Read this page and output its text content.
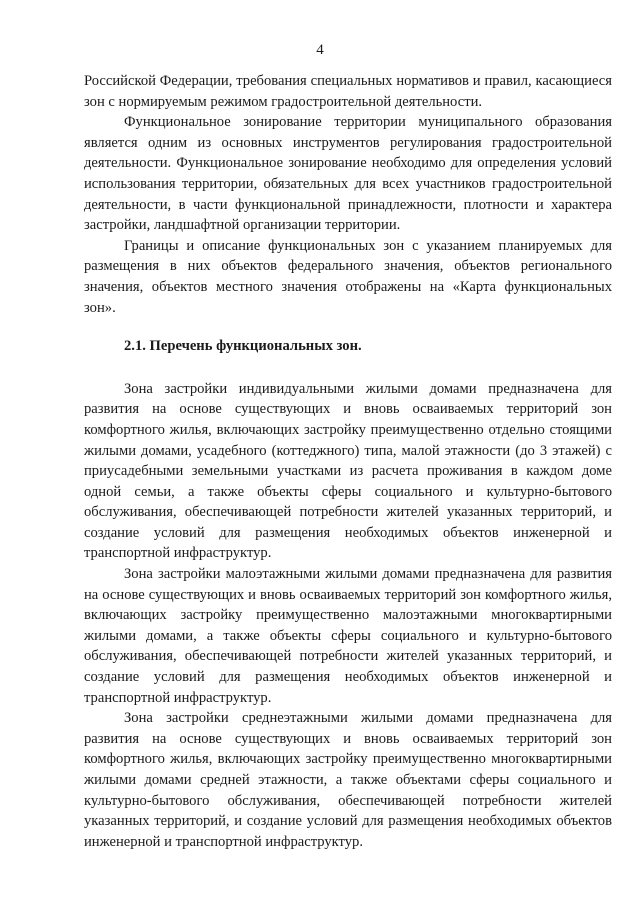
4

Российской Федерации, требования специальных нормативов и правил, касающиеся зон с нормируемым режимом градостроительной деятельности.

Функциональное зонирование территории муниципального образования является одним из основных инструментов регулирования градостроительной деятельности. Функциональное зонирование необходимо для определения условий использования территории, обязательных для всех участников градостроительной деятельности, в части функциональной принадлежности, плотности и характера застройки, ландшафтной организации территории.

Границы и описание функциональных зон с указанием планируемых для размещения в них объектов федерального значения, объектов регионального значения, объектов местного значения отображены на «Карта функциональных зон».

2.1. Перечень функциональных зон.

Зона застройки индивидуальными жилыми домами предназначена для развития на основе существующих и вновь осваиваемых территорий зон комфортного жилья, включающих застройку преимущественно отдельно стоящими жилыми домами, усадебного (коттеджного) типа, малой этажности (до 3 этажей) с приусадебными земельными участками из расчета проживания в каждом доме одной семьи, а также объекты сферы социального и культурно-бытового обслуживания, обеспечивающей потребности жителей указанных территорий, и создание условий для размещения необходимых объектов инженерной и транспортной инфраструктур.

Зона застройки малоэтажными жилыми домами предназначена для развития на основе существующих и вновь осваиваемых территорий зон комфортного жилья, включающих застройку преимущественно малоэтажными многоквартирными жилыми домами, а также объекты сферы социального и культурно-бытового обслуживания, обеспечивающей потребности жителей указанных территорий, и создание условий для размещения необходимых объектов инженерной и транспортной инфраструктур.

Зона застройки среднеэтажными жилыми домами предназначена для развития на основе существующих и вновь осваиваемых территорий зон комфортного жилья, включающих застройку преимущественно многоквартирными жилыми домами средней этажности, а также объектами сферы социального и культурно-бытового обслуживания, обеспечивающей потребности жителей указанных территорий, и создание условий для размещения необходимых объектов инженерной и транспортной инфраструктур.
